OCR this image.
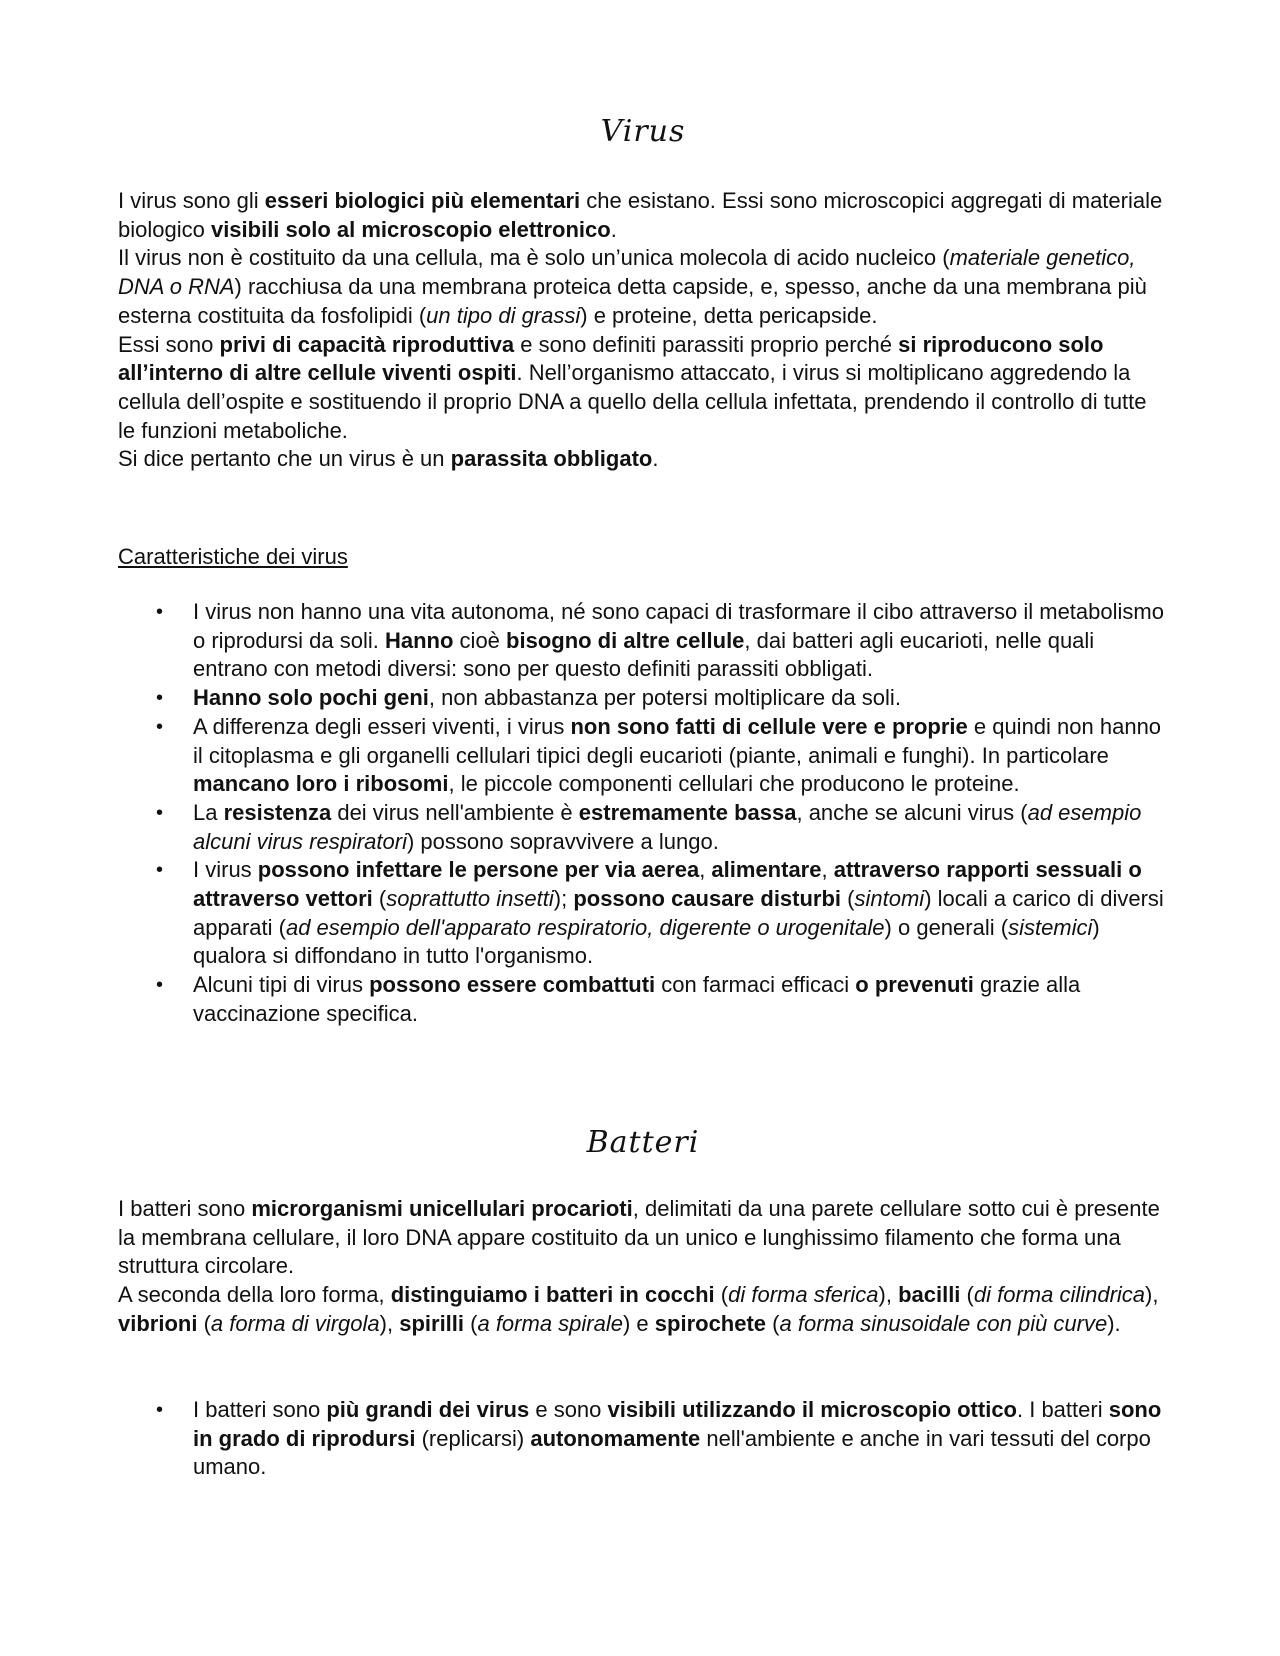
Virus

I virus sono gli esseri biologici più elementari che esistano. Essi sono microscopici aggregati di materiale biologico visibili solo al microscopio elettronico.

Il virus non è costituito da una cellula, ma è solo un’unica molecola di acido nucleico (materiale genetico, DNA o RNA) racchiusa da una membrana proteica detta capside, e, spesso, anche da una membrana più esterna costituita da fosfolipidi (un tipo di grassi) e proteine, detta pericapside.

Essi sono privi di capacità riproduttiva e sono definiti parassiti proprio perché si riproducono solo all’interno di altre cellule viventi ospiti. Nell’organismo attaccato, i virus si moltiplicano aggredendo la cellula dell’ospite e sostituendo il proprio DNA a quello della cellula infettata, prendendo il controllo di tutte le funzioni metaboliche.

Si dice pertanto che un virus è un parassita obbligato.

Caratteristiche dei virus
• I virus non hanno una vita autonoma, né sono capaci di trasformare il cibo attraverso il metabolismo o riprodursi da soli. Hanno cioè bisogno di altre cellule, dai batteri agli eucarioti, nelle quali entrano con metodi diversi: sono per questo definiti parassiti obbligati.
• Hanno solo pochi geni, non abbastanza per potersi moltiplicare da soli.
• A differenza degli esseri viventi, i virus non sono fatti di cellule vere e proprie e quindi non hanno il citoplasma e gli organelli cellulari tipici degli eucarioti (piante, animali e funghi). In particolare mancano loro i ribosomi, le piccole componenti cellulari che producono le proteine.
• La resistenza dei virus nell'ambiente è estremamente bassa, anche se alcuni virus (ad esempio alcuni virus respiratori) possono sopravvivere a lungo.
• I virus possono infettare le persone per via aerea, alimentare, attraverso rapporti sessuali o attraverso vettori (soprattutto insetti); possono causare disturbi (sintomi) locali a carico di diversi apparati (ad esempio dell'apparato respiratorio, digerente o urogenitale) o generali (sistemici) qualora si diffondano in tutto l'organismo.
• Alcuni tipi di virus possono essere combattuti con farmaci efficaci o prevenuti grazie alla vaccinazione specifica.
Batteri

I batteri sono microrganismi unicellulari procarioti, delimitati da una parete cellulare sotto cui è presente la membrana cellulare, il loro DNA appare costituito da un unico e lunghissimo filamento che forma una struttura circolare.

A seconda della loro forma, distinguiamo i batteri in cocchi (di forma sferica), bacilli (di forma cilindrica), vibrioni (a forma di virgola), spirilli (a forma spirale) e spirochete (a forma sinusoidale con più curve).

• I batteri sono più grandi dei virus e sono visibili utilizzando il microscopio ottico. I batteri sono in grado di riprodursi (replicarsi) autonomamente nell'ambiente e anche in vari tessuti del corpo umano.
